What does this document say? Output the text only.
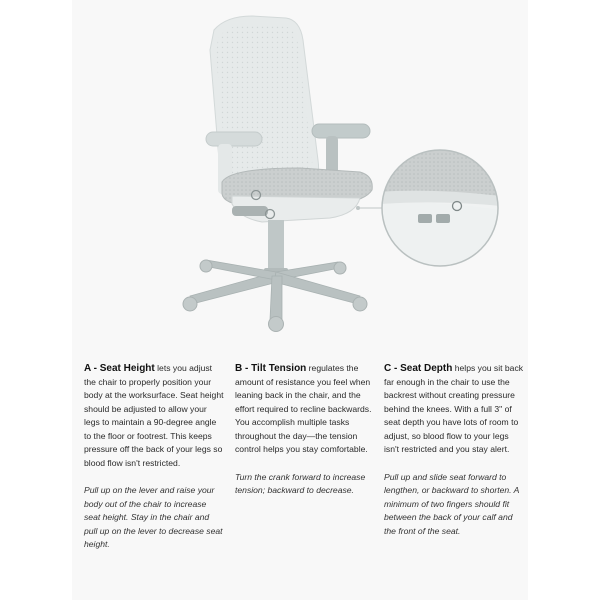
A - Seat Height lets you adjust the chair to properly position your body at the worksurface. Seat height should be adjusted to allow your legs to maintain a 90-degree angle to the floor or footrest. This keeps pressure off the back of your legs so blood flow isn't restricted.
Pull up on the lever and raise your body out of the chair to increase seat height. Stay in the chair and pull up on the lever to decrease seat height.
B - Tilt Tension regulates the amount of resistance you feel when leaning back in the chair, and the effort required to recline backwards. You accomplish multiple tasks throughout the day—the tension control helps you stay comfortable.
Turn the crank forward to increase tension; backward to decrease.
C - Seat Depth helps you sit back far enough in the chair to use the backrest without creating pressure behind the knees. With a full 3" of seat depth you have lots of room to adjust, so blood flow to your legs isn't restricted and you stay alert.
Pull up and slide seat forward to lengthen, or backward to shorten. A minimum of two fingers should fit between the back of your calf and the front of the seat.
